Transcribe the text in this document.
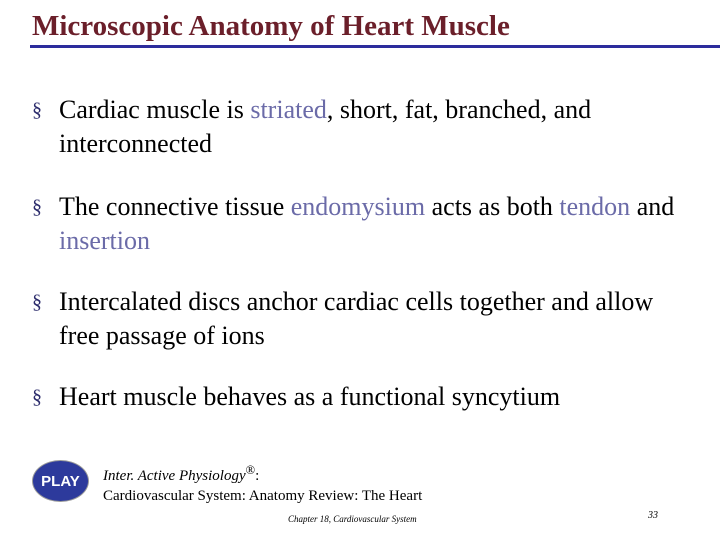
Microscopic Anatomy of Heart Muscle
§ Cardiac muscle is striated, short, fat, branched, and interconnected
§ The connective tissue endomysium acts as both tendon and insertion
§ Intercalated discs anchor cardiac cells together and allow free passage of ions
§ Heart muscle behaves as a functional syncytium
PLAY Inter. Active Physiology®:
Cardiovascular System: Anatomy Review: The Heart
Chapter 18, Cardiovascular System	33
